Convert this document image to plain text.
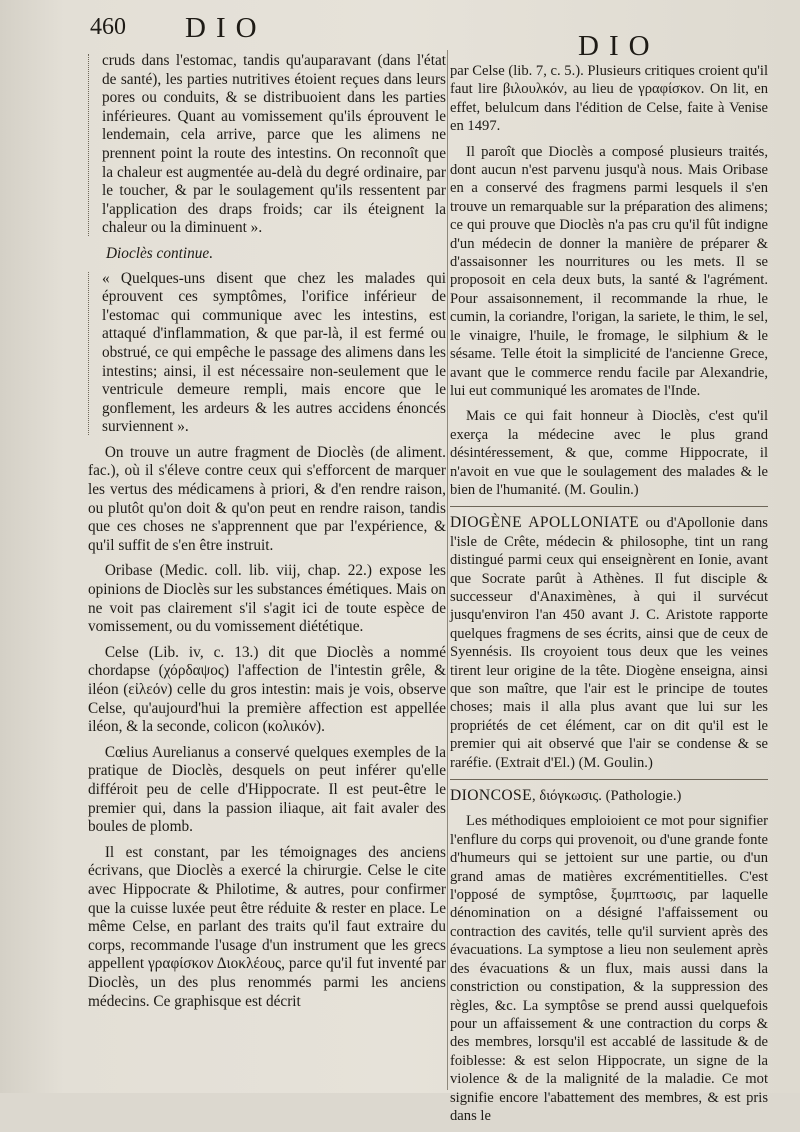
460 DIO
DIO

cruds dans l'estomac, tandis qu'auparavant (dans l'état de santé), les parties nutritives étoient reçues dans leurs pores ou conduits, & se distribuoient dans les parties inférieures. Quant au vomissement qu'ils éprouvent le lendemain, cela arrive, parce que les alimens ne prennent point la route des intestins. On reconnoît que la chaleur est augmentée au-delà du degré ordinaire, par le toucher, & par le soulagement qu'ils ressentent par l'application des draps froids; car ils éteignent la chaleur ou la diminuent ».

Dioclès continue.

« Quelques-uns disent que chez les malades qui éprouvent ces symptômes, l'orifice inférieur de l'estomac qui communique avec les intestins, est attaqué d'inflammation, & que par-là, il est fermé ou obstrué, ce qui empêche le passage des alimens dans les intestins; ainsi, il est nécessaire non-seulement que le ventricule demeure rempli, mais encore que le gonflement, les ardeurs & les autres accidens énoncés surviennent ».

On trouve un autre fragment de Dioclès (de aliment. fac.), où il s'éleve contre ceux qui s'efforcent de marquer les vertus des médicamens à priori, & d'en rendre raison, ou plutôt qu'on doit & qu'on peut en rendre raison, tandis que ces choses ne s'apprennent que par l'expérience, & qu'il suffit de s'en être instruit.

Oribase (Medic. coll. lib. viij, chap. 22.) expose les opinions de Dioclès sur les substances émétiques. Mais on ne voit pas clairement s'il s'agit ici de toute espèce de vomissement, ou du vomissement diététique.

Celse (Lib. iv, c. 13.) dit que Dioclès a nommé chordapse (χόρδαψος) l'affection de l'intestin grêle, & iléon (εἰλεόν) celle du gros intestin: mais je vois, observe Celse, qu'aujourd'hui la première affection est appellée iléon, & la seconde, colicon (κολικόν).

Cœlius Aurelianus a conservé quelques exemples de la pratique de Dioclès, desquels on peut inférer qu'elle différoit peu de celle d'Hippocrate. Il est peut-être le premier qui, dans la passion iliaque, ait fait avaler des boules de plomb.

Il est constant, par les témoignages des anciens écrivans, que Dioclès a exercé la chirurgie. Celse le cite avec Hippocrate & Philotime, & autres, pour confirmer que la cuisse luxée peut être réduite & rester en place. Le même Celse, en parlant des traits qu'il faut extraire du corps, recommande l'usage d'un instrument que les grecs appellent γραφίσκον Διοκλέους, parce qu'il fut inventé par Dioclès, un des plus renommés parmi les anciens médecins. Ce graphisque est décrit

par Celse (lib. 7, c. 5.). Plusieurs critiques croient qu'il faut lire βιλουλκόν, au lieu de γραφίσκον. On lit, en effet, belulcum dans l'édition de Celse, faite à Venise en 1497.

Il paroît que Dioclès a composé plusieurs traités, dont aucun n'est parvenu jusqu'à nous. Mais Oribase en a conservé des fragmens parmi lesquels il s'en trouve un remarquable sur la préparation des alimens; ce qui prouve que Dioclès n'a pas cru qu'il fût indigne d'un médecin de donner la manière de préparer & d'assaisonner les nourritures ou les mets. Il se proposoit en cela deux buts, la santé & l'agrément. Pour assaisonnement, il recommande la rhue, le cumin, la coriandre, l'origan, la sariete, le thim, le sel, le vinaigre, l'huile, le fromage, le silphium & le sésame. Telle étoit la simplicité de l'ancienne Grece, avant que le commerce rendu facile par Alexandrie, lui eut communiqué les aromates de l'Inde.

Mais ce qui fait honneur à Dioclès, c'est qu'il exerça la médecine avec le plus grand désintéressement, & que, comme Hippocrate, il n'avoit en vue que le soulagement des malades & le bien de l'humanité. (M. Goulin.)

DIOGÈNE APOLLONIATE ou d'Apollonie dans l'isle de Crête, médecin & philosophe, tint un rang distingué parmi ceux qui enseignèrent en Ionie, avant que Socrate parût à Athènes. Il fut disciple & successeur d'Anaximènes, à qui il survécut jusqu'environ l'an 450 avant J. C. Aristote rapporte quelques fragmens de ses écrits, ainsi que de ceux de Syennésis. Ils croyoient tous deux que les veines tirent leur origine de la tête. Diogène enseigna, ainsi que son maître, que l'air est le principe de toutes choses; mais il alla plus avant que lui sur les propriétés de cet élément, car on dit qu'il est le premier qui ait observé que l'air se condense & se raréfie. (Extrait d'El.) (M. Goulin.)

DIONCOSE, διόγκωσις. (Pathologie.)

Les méthodiques emploioient ce mot pour signifier l'enflure du corps qui provenoit, ou d'une grande fonte d'humeurs qui se jettoient sur une partie, ou d'un grand amas de matières excrémentitielles. C'est l'opposé de symptôse, ξυμπτωσις, par laquelle dénomination on a désigné l'affaissement ou contraction des cavités, telle qu'il survient après des évacuations. La symptose a lieu non seulement après des évacuations & un flux, mais aussi dans la constriction ou constipation, & la suppression des règles, &c. La symptôse se prend aussi quelquefois pour un affaissement & une contraction du corps & des membres, lorsqu'il est accablé de lassitude & de foiblesse: & est selon Hippocrate, un signe de la violence & de la malignité de la maladie. Ce mot signifie encore l'abattement des membres, & est pris dans le
